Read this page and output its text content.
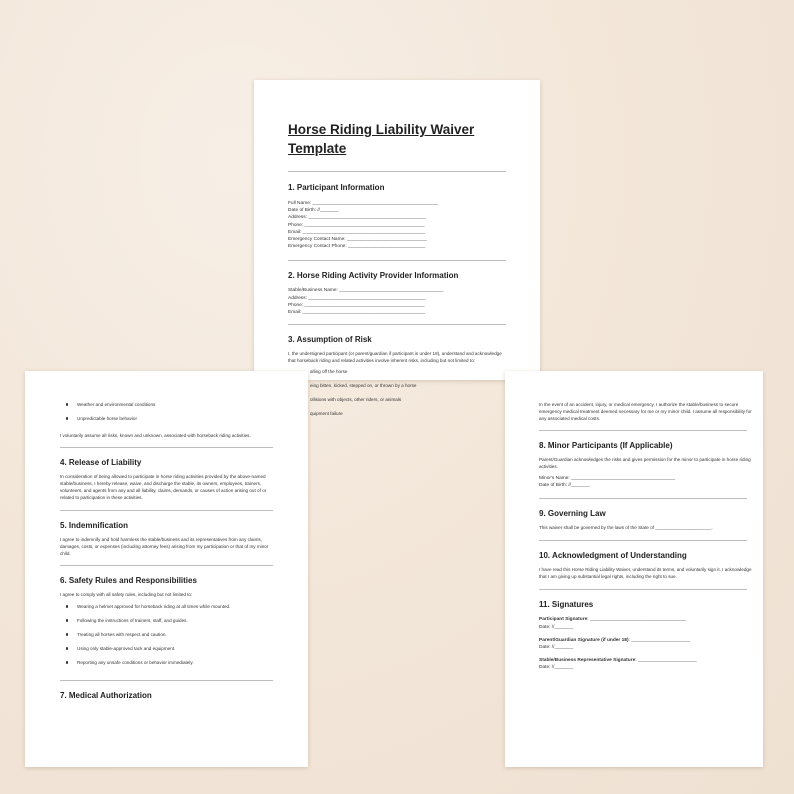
Horse Riding Liability Waiver

Template

1. Participant Information

Full Name: _______________________________________________

Date of Birth: //_______

Address: ____________________________________________

Phone: _____________________________________________

Email: ______________________________________________

Emergency Contact Name: ______________________________

Emergency Contact Phone: _____________________________

2. Horse Riding Activity Provider Information

Stable/Business Name: _______________________________________

Address: ____________________________________________

Phone: _____________________________________________

Email: ______________________________________________

3. Assumption of Risk

I, the undersigned participant (or parent/guardian if participant is under 18), understand and acknowledge that horseback riding and related activities involve inherent risks, including but not limited to:

alling off the horse

eing bitten, kicked, stepped on, or thrown by a horse

ollisions with objects, other riders, or animals

quipment failure

Weather and environmental conditions

Unpredictable horse behavior

I voluntarily assume all risks, known and unknown, associated with horseback riding activities.

4. Release of Liability

In consideration of being allowed to participate in horse riding activities provided by the above-named stable/business, I hereby release, waive, and discharge the stable, its owners, employees, trainers, volunteers, and agents from any and all liability, claims, demands, or causes of action arising out of or related to participation in these activities.

5. Indemnification

I agree to indemnify and hold harmless the stable/business and its representatives from any claims, damages, costs, or expenses (including attorney fees) arising from my participation or that of my minor child.

6. Safety Rules and Responsibilities

I agree to comply with all safety rules, including but not limited to:

Wearing a helmet approved for horseback riding at all times while mounted.

Following the instructions of trainers, staff, and guides.

Treating all horses with respect and caution.

Using only stable-approved tack and equipment.

Reporting any unsafe conditions or behavior immediately.

7. Medical Authorization

In the event of an accident, injury, or medical emergency, I authorize the stable/business to secure emergency medical treatment deemed necessary for me or my minor child. I assume all responsibility for any associated medical costs.

8. Minor Participants (If Applicable)

Parent/Guardian acknowledges the risks and gives permission for the minor to participate in horse riding activities.

Minor's Name: _______________________________________

Date of Birth: //_______

9. Governing Law

This waiver shall be governed by the laws of the State of ______________________.

10. Acknowledgment of Understanding

I have read this Horse Riding Liability Waiver, understand its terms, and voluntarily sign it. I acknowledge that I am giving up substantial legal rights, including the right to sue.

11. Signatures

Participant Signature: ____________________________________

Date: //_______

Parent/Guardian Signature (if under 18): ______________________

Date: //_______

Stable/Business Representative Signature: ______________________

Date: //_______
